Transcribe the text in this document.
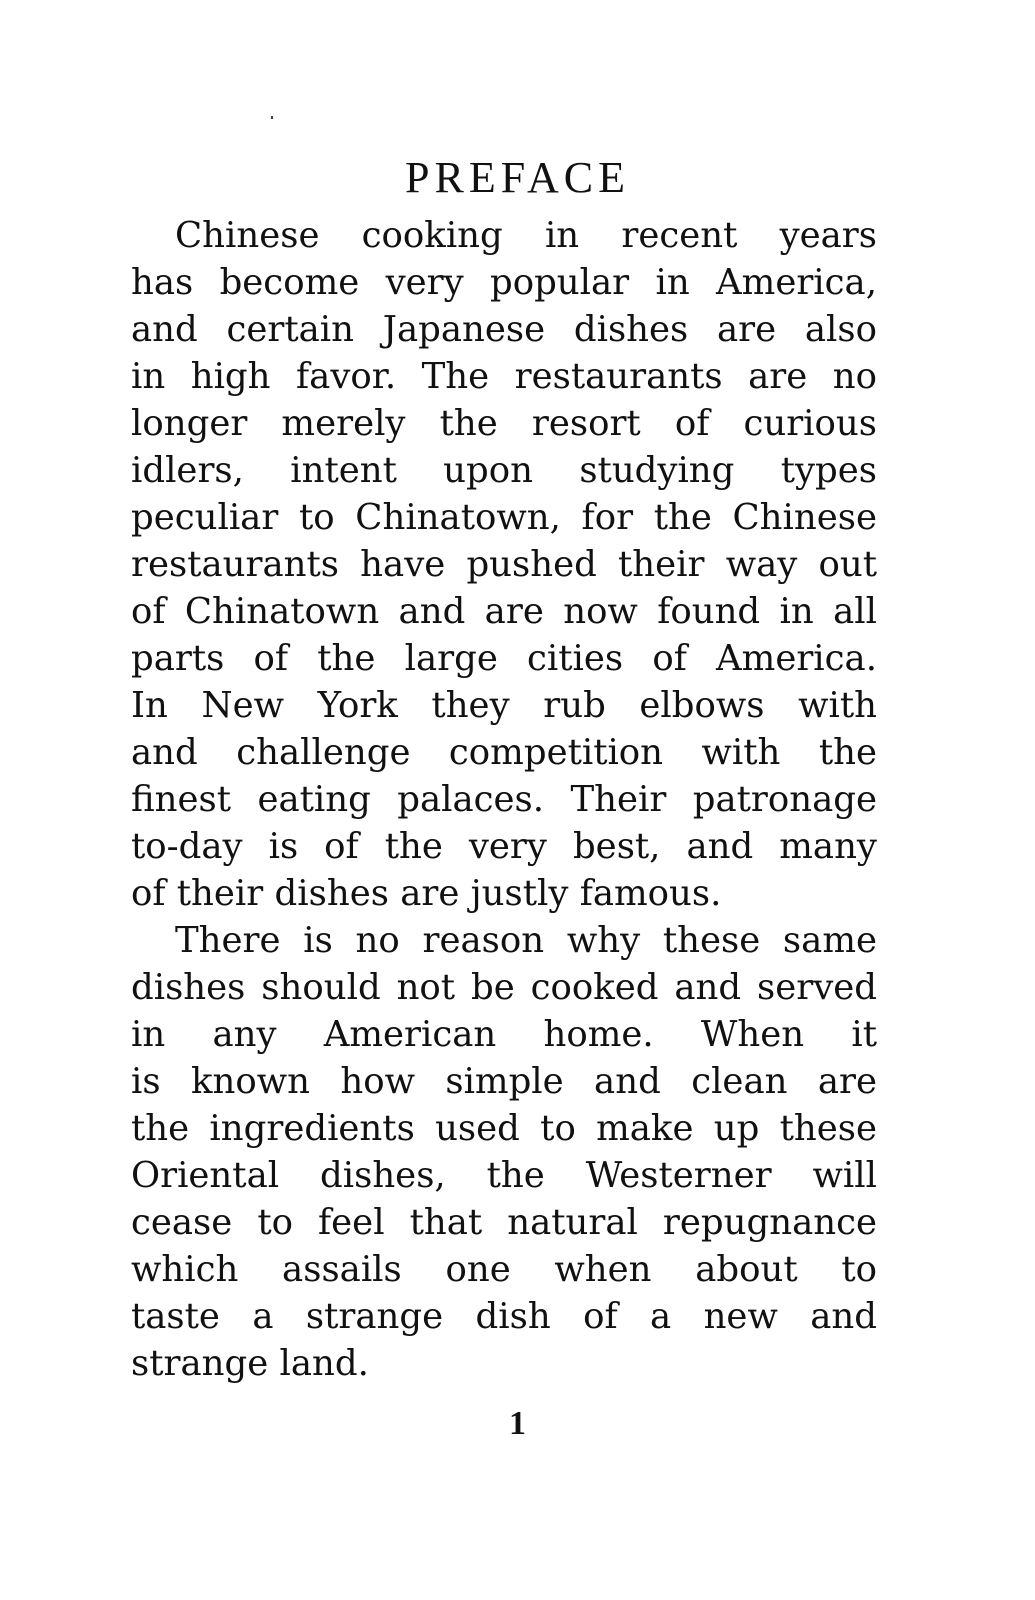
PREFACE
Chinese cooking in recent years
has become very popular in America,
and certain Japanese dishes are also
in high favor. The restaurants are no
longer merely the resort of curious
idlers, intent upon studying types
peculiar to Chinatown, for the Chinese
restaurants have pushed their way out
of Chinatown and are now found in all
parts of the large cities of America.
In New York they rub elbows with
and challenge competition with the
finest eating palaces. Their patronage
to-day is of the very best, and many
of their dishes are justly famous.
There is no reason why these same
dishes should not be cooked and served
in any American home. When it
is known how simple and clean are
the ingredients used to make up these
Oriental dishes, the Westerner will
cease to feel that natural repugnance
which assails one when about to
taste a strange dish of a new and
strange land.
1
